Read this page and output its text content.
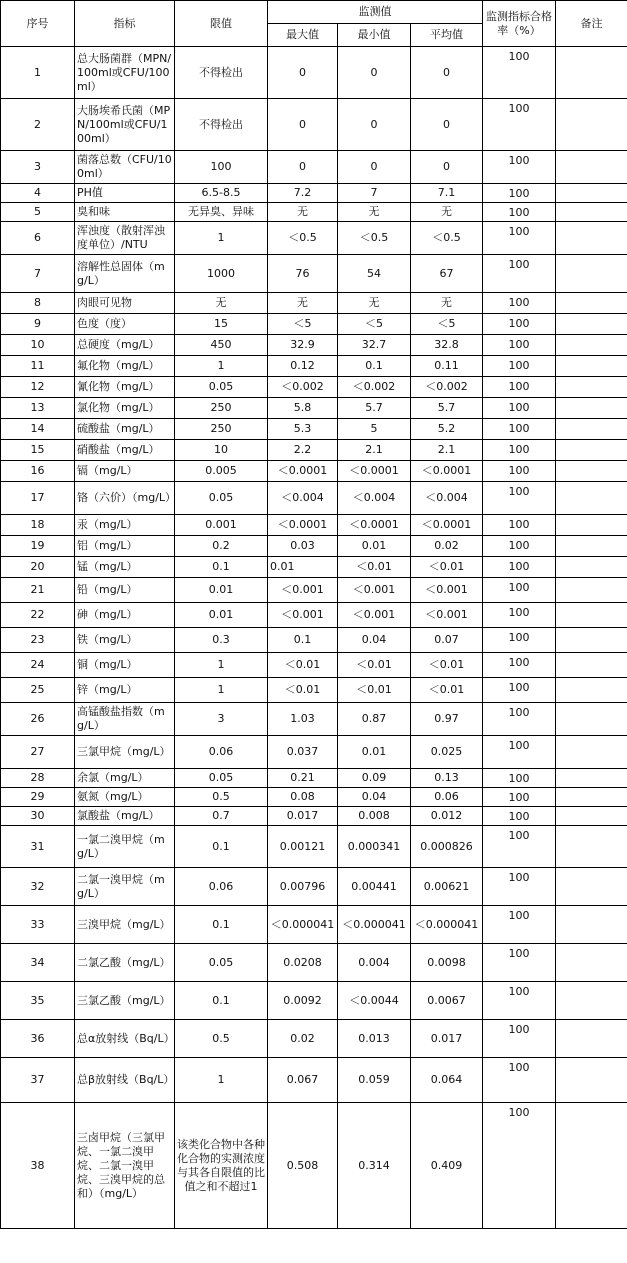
序号	指标	限值	监测值			监测指标合格率（%）	备注
			最大值	最小值	平均值		
1	总大肠菌群（MPN/100ml或CFU/100ml）	不得检出	0	0	0	100	
2	大肠埃希氏菌（MPN/100ml或CFU/100ml）	不得检出	0	0	0	100	
3	菌落总数（CFU/100ml）	100	0	0	0	100	
4	PH值	6.5-8.5	7.2	7	7.1	100	
5	臭和味	无异臭、异味	无	无	无	100	
6	浑浊度（散射浑浊度单位）/NTU	1	＜0.5	＜0.5	＜0.5	100	
7	溶解性总固体（mg/L）	1000	76	54	67	100	
8	肉眼可见物	无	无	无	无	100	
9	色度（度）	15	＜5	＜5	＜5	100	
10	总硬度（mg/L）	450	32.9	32.7	32.8	100	
11	氟化物（mg/L）	1	0.12	0.1	0.11	100	
12	氰化物（mg/L）	0.05	＜0.002	＜0.002	＜0.002	100	
13	氯化物（mg/L）	250	5.8	5.7	5.7	100	
14	硫酸盐（mg/L）	250	5.3	5	5.2	100	
15	硝酸盐（mg/L）	10	2.2	2.1	2.1	100	
16	镉（mg/L）	0.005	＜0.0001	＜0.0001	＜0.0001	100	
17	铬（六价）（mg/L）	0.05	＜0.004	＜0.004	＜0.004	100	
18	汞（mg/L）	0.001	＜0.0001	＜0.0001	＜0.0001	100	
19	铝（mg/L）	0.2	0.03	0.01	0.02	100	
20	锰（mg/L）	0.1	0.01	＜0.01	＜0.01	100	
21	铅（mg/L）	0.01	＜0.001	＜0.001	＜0.001	100	
22	砷（mg/L）	0.01	＜0.001	＜0.001	＜0.001	100	
23	铁（mg/L）	0.3	0.1	0.04	0.07	100	
24	铜（mg/L）	1	＜0.01	＜0.01	＜0.01	100	
25	锌（mg/L）	1	＜0.01	＜0.01	＜0.01	100	
26	高锰酸盐指数（mg/L）	3	1.03	0.87	0.97	100	
27	三氯甲烷（mg/L）	0.06	0.037	0.01	0.025	100	
28	余氯（mg/L）	0.05	0.21	0.09	0.13	100	
29	氨氮（mg/L）	0.5	0.08	0.04	0.06	100	
30	氯酸盐（mg/L）	0.7	0.017	0.008	0.012	100	
31	一氯二溴甲烷（mg/L）	0.1	0.00121	0.000341	0.000826	100	
32	二氯一溴甲烷（mg/L）	0.06	0.00796	0.00441	0.00621	100	
33	三溴甲烷（mg/L）	0.1	＜0.000041	＜0.000041	＜0.000041	100	
34	二氯乙酸（mg/L）	0.05	0.0208	0.004	0.0098	100	
35	三氯乙酸（mg/L）	0.1	0.0092	＜0.0044	0.0067	100	
36	总α放射线（Bq/L）	0.5	0.02	0.013	0.017	100	
37	总β放射线（Bq/L）	1	0.067	0.059	0.064	100	
38	三卤甲烷（三氯甲烷、一氯二溴甲烷、二氯一溴甲烷、三溴甲烷的总和）（mg/L）	该类化合物中各种化合物的实测浓度与其各自限值的比值之和不超过1	0.508	0.314	0.409	100	
